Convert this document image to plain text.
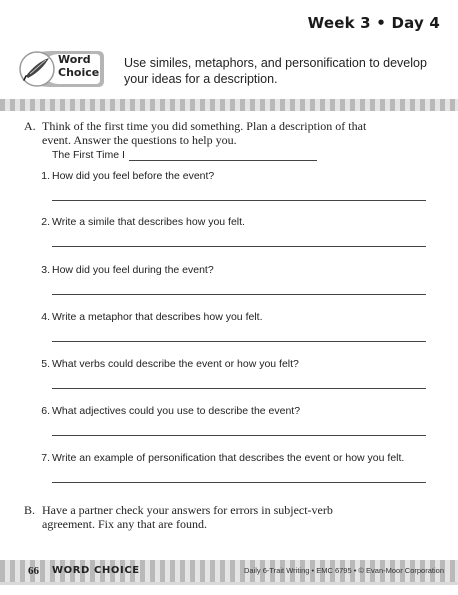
Week 3 • Day 4
Word
Choice
Use similes, metaphors, and personification to develop your ideas for a description.
A. Think of the first time you did something. Plan a description of that event. Answer the questions to help you.
The First Time I
1. How did you feel before the event?
2. Write a simile that describes how you felt.
3. How did you feel during the event?
4. Write a metaphor that describes how you felt.
5. What verbs could describe the event or how you felt?
6. What adjectives could you use to describe the event?
7. Write an example of personification that describes the event or how you felt.
B. Have a partner check your answers for errors in subject-verb agreement. Fix any that are found.
66 WORD CHOICE	Daily 6-Trait Writing • EMC 6795 • © Evan-Moor Corporation
